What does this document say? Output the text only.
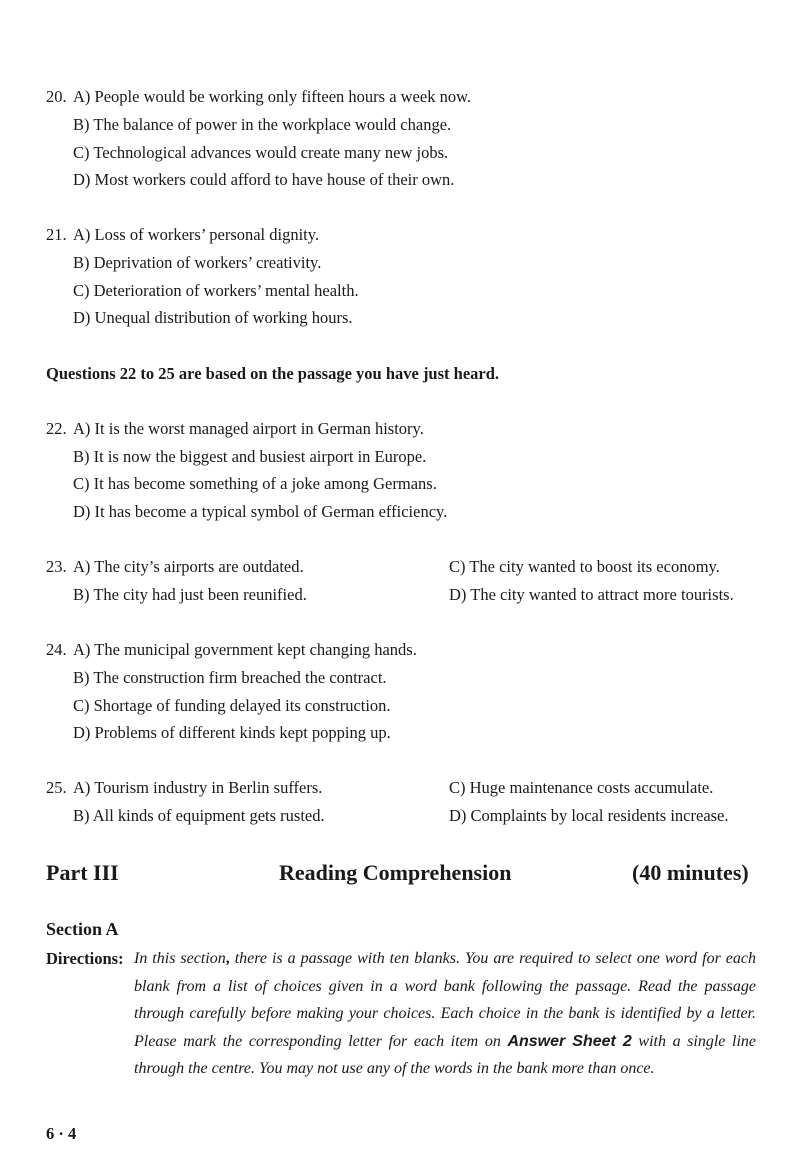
20. A) People would be working only fifteen hours a week now.
B) The balance of power in the workplace would change.
C) Technological advances would create many new jobs.
D) Most workers could afford to have house of their own.
21. A) Loss of workers’ personal dignity.
B) Deprivation of workers’ creativity.
C) Deterioration of workers’ mental health.
D) Unequal distribution of working hours.
Questions 22 to 25 are based on the passage you have just heard.
22. A) It is the worst managed airport in German history.
B) It is now the biggest and busiest airport in Europe.
C) It has become something of a joke among Germans.
D) It has become a typical symbol of German efficiency.
23. A) The city’s airports are outdated.	C) The city wanted to boost its economy.
B) The city had just been reunified.	D) The city wanted to attract more tourists.
24. A) The municipal government kept changing hands.
B) The construction firm breached the contract.
C) Shortage of funding delayed its construction.
D) Problems of different kinds kept popping up.
25. A) Tourism industry in Berlin suffers.	C) Huge maintenance costs accumulate.
B) All kinds of equipment gets rusted.	D) Complaints by local residents increase.
Part III	Reading Comprehension	(40 minutes)
Section A
Directions: In this section, there is a passage with ten blanks. You are required to select one word for each blank from a list of choices given in a word bank following the passage. Read the passage through carefully before making your choices. Each choice in the bank is identified by a letter. Please mark the corresponding letter for each item on Answer Sheet 2 with a single line through the centre. You may not use any of the words in the bank more than once.
6 · 4
